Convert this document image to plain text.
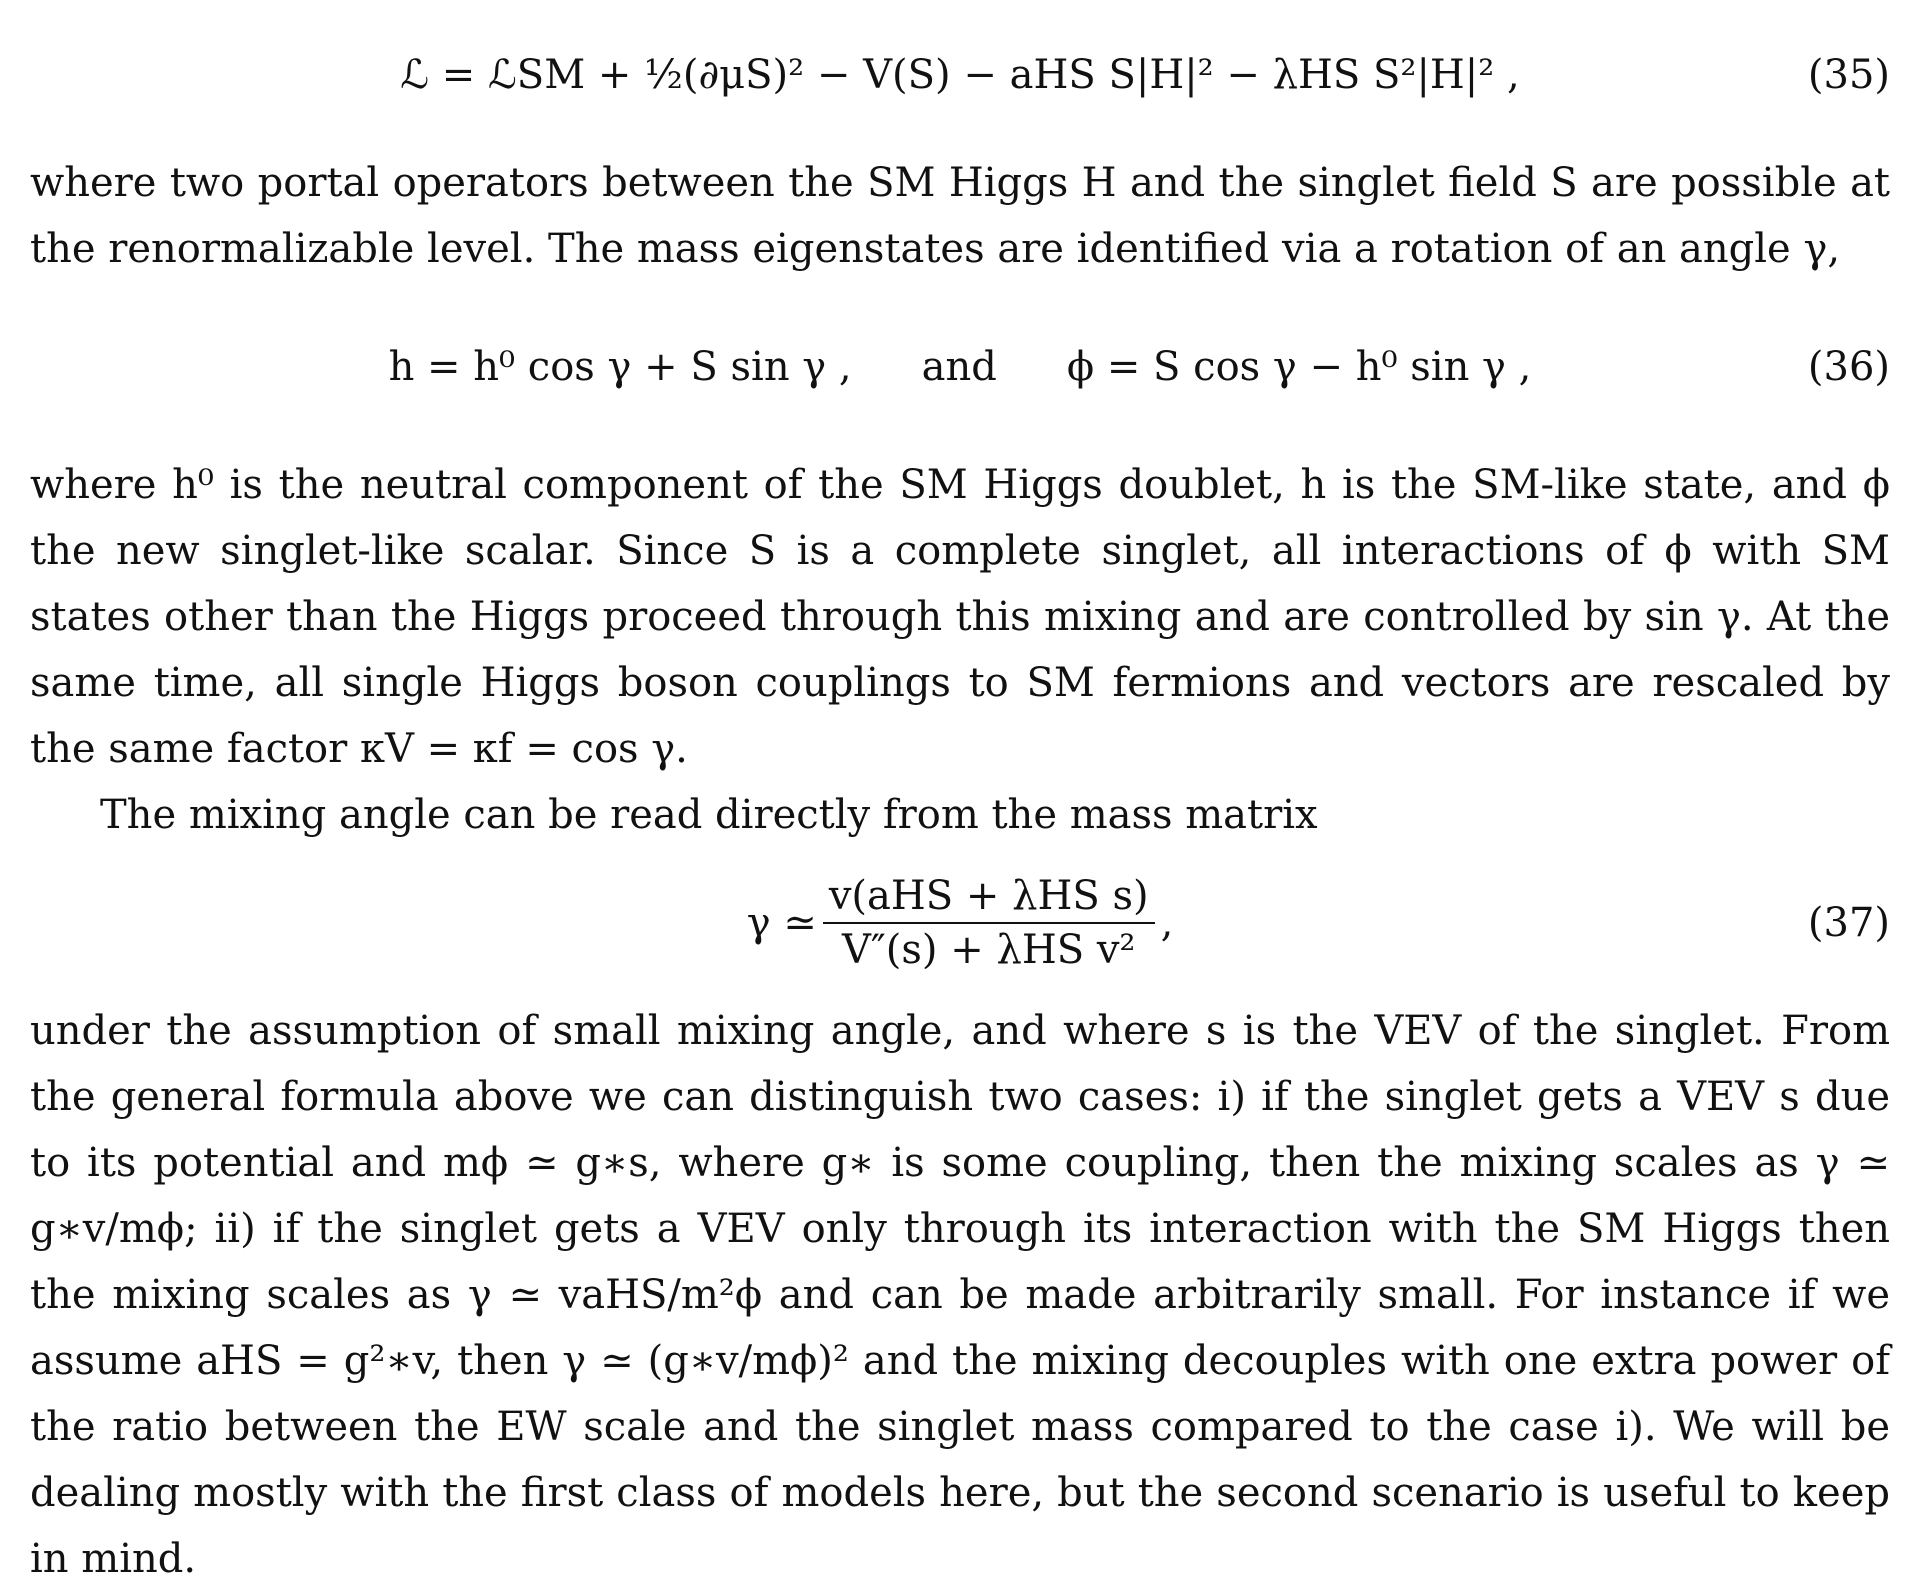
ℒ = ℒSM + ½(∂μS)² − V(S) − aHS S|H|² − λHS S²|H|² ,	(35)

where two portal operators between the SM Higgs H and the singlet field S are possible at the renormalizable level. The mass eigenstates are identified via a rotation of an angle γ,

h = h⁰ cos γ + S sin γ , and ϕ = S cos γ − h⁰ sin γ ,	(36)

where h⁰ is the neutral component of the SM Higgs doublet, h is the SM-like state, and ϕ the new singlet-like scalar. Since S is a complete singlet, all interactions of ϕ with SM states other than the Higgs proceed through this mixing and are controlled by sin γ. At the same time, all single Higgs boson couplings to SM fermions and vectors are rescaled by the same factor κV = κf = cos γ.

The mixing angle can be read directly from the mass matrix

γ ≃ $\frac{\text{v(aHS + λHS s)}}{\text{V″(s) + λHS v²}}$ ,	(37)

under the assumption of small mixing angle, and where s is the VEV of the singlet. From the general formula above we can distinguish two cases: i) if the singlet gets a VEV s due to its potential and mϕ ≃ g∗s, where g∗ is some coupling, then the mixing scales as γ ≃ g∗v/mϕ; ii) if the singlet gets a VEV only through its interaction with the SM Higgs then the mixing scales as γ ≃ vaHS/m²ϕ and can be made arbitrarily small. For instance if we assume aHS = g²∗v, then γ ≃ (g∗v/mϕ)² and the mixing decouples with one extra power of the ratio between the EW scale and the singlet mass compared to the case i). We will be dealing mostly with the first class of models here, but the second scenario is useful to keep in mind.
